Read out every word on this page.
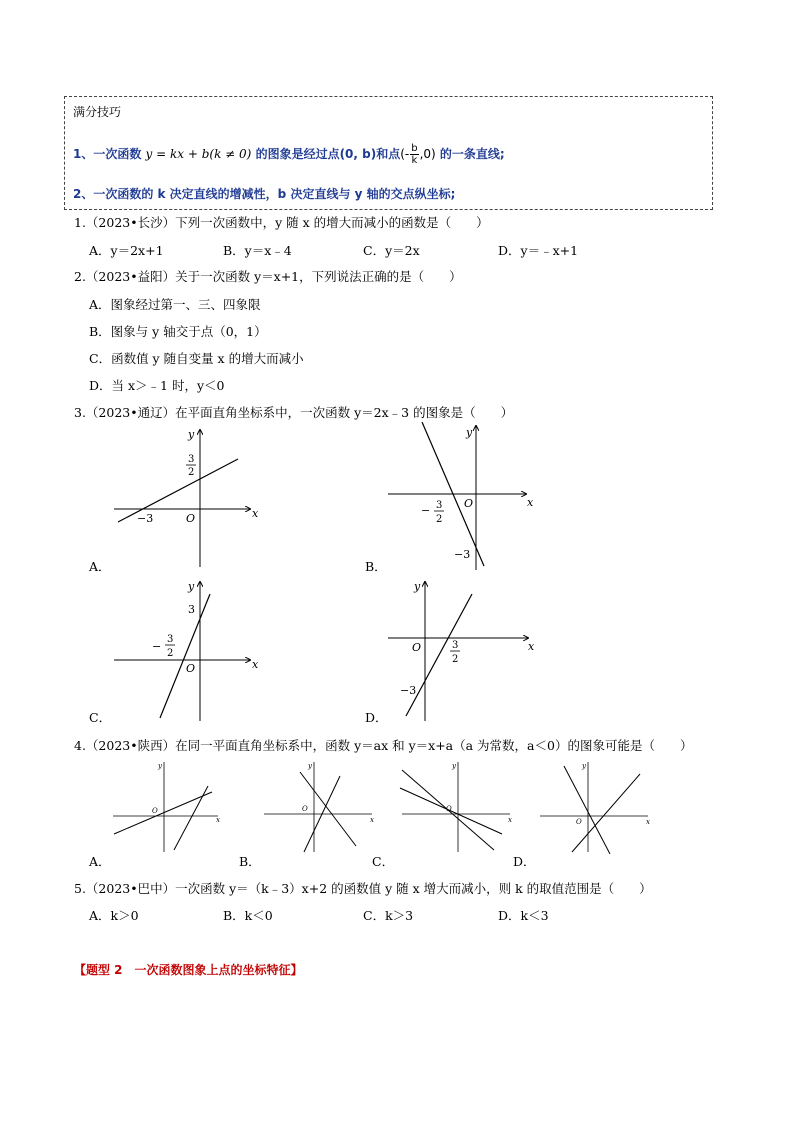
满分技巧
1、一次函数 y = kx + b(k ≠ 0) 的图象是经过点(0, b)和点(- $\frac{b}{k} ,0$) 的一条直线;
2、一次函数的 k 决定直线的增减性，b 决定直线与 y 轴的交点纵坐标;
1.（2023•长沙）下列一次函数中，y 随 x 的增大而减小的函数是（　　）
A．y＝2x+1	B．y＝x﹣4	C．y＝2x	D．y＝﹣x+1
2.（2023•益阳）关于一次函数 y＝x+1，下列说法正确的是（　　）
A．图象经过第一、三、四象限
B．图象与 y 轴交于点（0，1）
C．函数值 y 随自变量 x 的增大而减小
D．当 x＞﹣1 时，y＜0
3.（2023•通辽）在平面直角坐标系中，一次函数 y＝2x﹣3 的图象是（　　）
x
y
O
−3
3
2
A．
x
y
O
− 3
2
−3
B．
x
y
O
3
−
3
2
C．
x
y
O	3
2
−3
D．
4.（2023•陕西）在同一平面直角坐标系中，函数 y＝ax 和 y＝x+a（a 为常数，a＜0）的图象可能是（　　）
x
y
O
A．
x
y
O
B．
x
y
O
C．
x
y
O
D．
5.（2023•巴中）一次函数 y＝（k﹣3）x+2 的函数值 y 随 x 增大而减小，则 k 的取值范围是（　　）
A．k＞0	B．k＜0	C．k＞3	D．k＜3
【题型 2　一次函数图象上点的坐标特征】
